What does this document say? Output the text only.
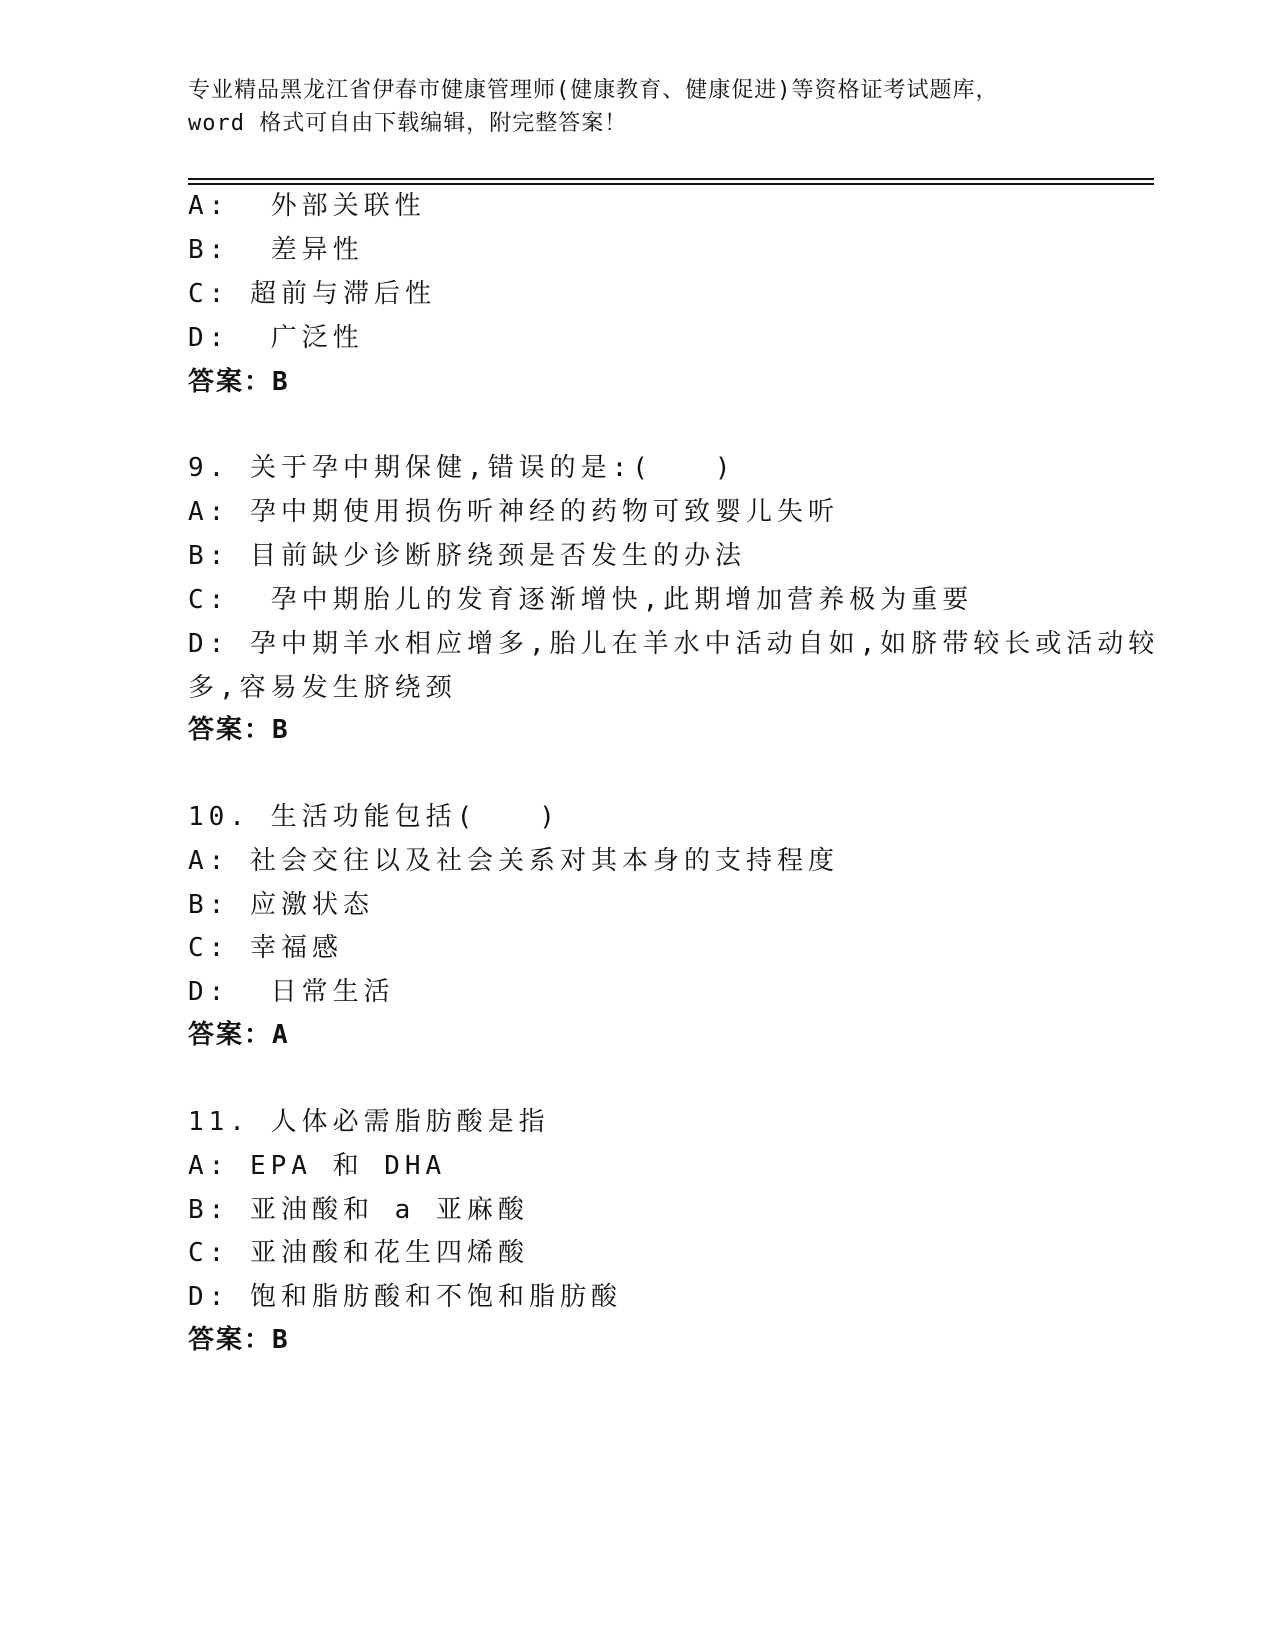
专业精品黑龙江省伊春市健康管理师(健康教育、健康促进)等资格证考试题库，
word 格式可自由下载编辑，附完整答案！
A:  外部关联性
B:  差异性
C: 超前与滞后性
D:  广泛性
答案：B
9. 关于孕中期保健,错误的是:(   )
A: 孕中期使用损伤听神经的药物可致婴儿失听
B: 目前缺少诊断脐绕颈是否发生的办法
C:  孕中期胎儿的发育逐渐增快,此期增加营养极为重要
D: 孕中期羊水相应增多,胎儿在羊水中活动自如,如脐带较长或活动较
多,容易发生脐绕颈
答案：B
10. 生活功能包括(   )
A: 社会交往以及社会关系对其本身的支持程度
B: 应激状态
C: 幸福感
D:  日常生活
答案：A
11. 人体必需脂肪酸是指
A: EPA 和 DHA
B: 亚油酸和 a 亚麻酸
C: 亚油酸和花生四烯酸
D: 饱和脂肪酸和不饱和脂肪酸
答案：B
